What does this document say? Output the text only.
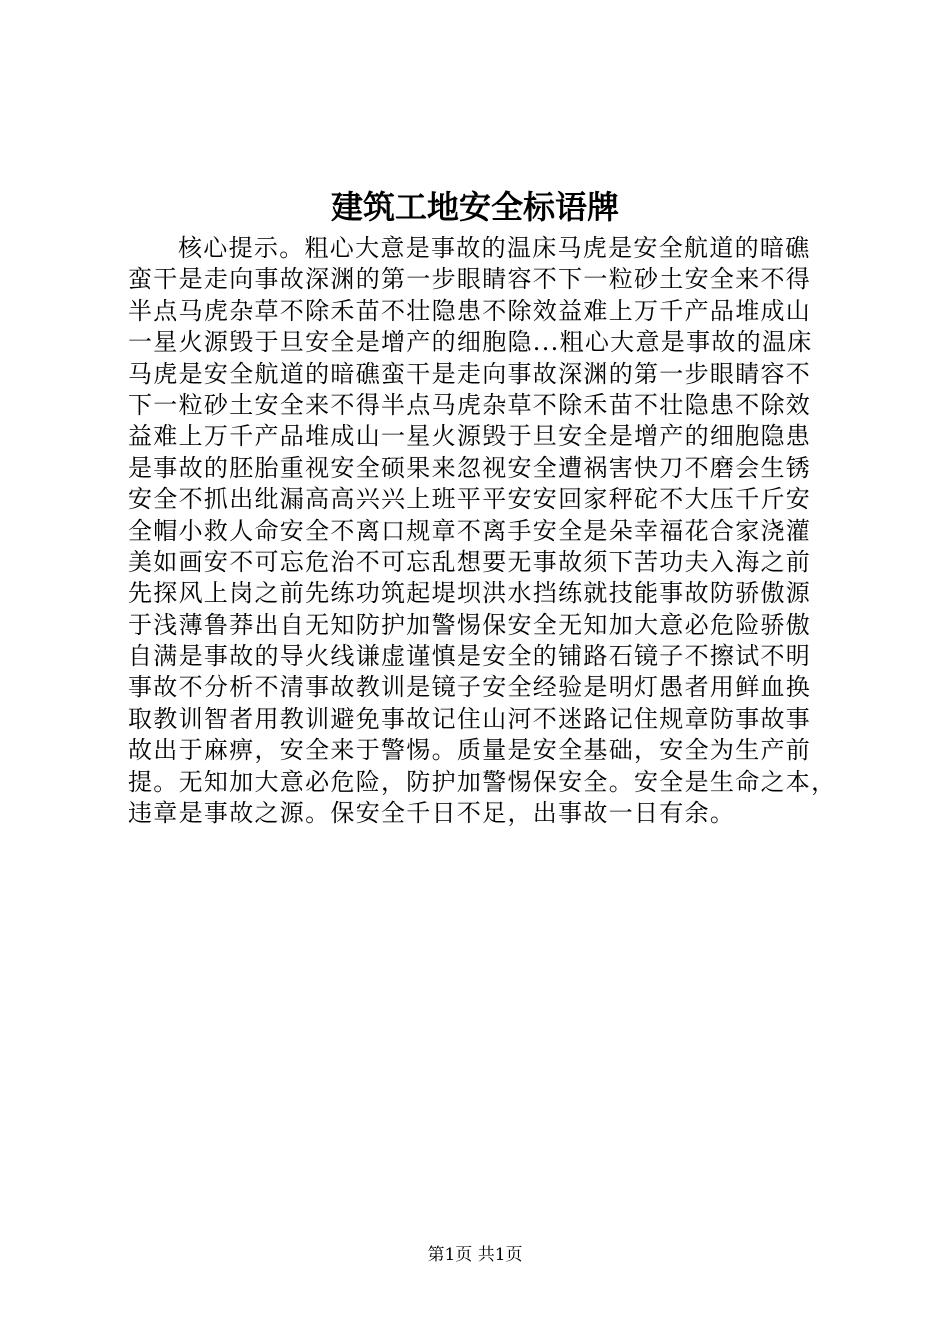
建筑工地安全标语牌
核心提示。粗心大意是事故的温床马虎是安全航道的暗礁
蛮干是走向事故深渊的第一步眼睛容不下一粒砂土安全来不得
半点马虎杂草不除禾苗不壮隐患不除效益难上万千产品堆成山
一星火源毁于旦安全是增产的细胞隐...粗心大意是事故的温床
马虎是安全航道的暗礁蛮干是走向事故深渊的第一步眼睛容不
下一粒砂土安全来不得半点马虎杂草不除禾苗不壮隐患不除效
益难上万千产品堆成山一星火源毁于旦安全是增产的细胞隐患
是事故的胚胎重视安全硕果来忽视安全遭祸害快刀不磨会生锈
安全不抓出纰漏高高兴兴上班平平安安回家秤砣不大压千斤安
全帽小救人命安全不离口规章不离手安全是朵幸福花合家浇灌
美如画安不可忘危治不可忘乱想要无事故须下苦功夫入海之前
先探风上岗之前先练功筑起堤坝洪水挡练就技能事故防骄傲源
于浅薄鲁莽出自无知防护加警惕保安全无知加大意必危险骄傲
自满是事故的导火线谦虚谨慎是安全的铺路石镜子不擦试不明
事故不分析不清事故教训是镜子安全经验是明灯愚者用鲜血换
取教训智者用教训避免事故记住山河不迷路记住规章防事故事
故出于麻痹，安全来于警惕。质量是安全基础，安全为生产前
提。无知加大意必危险，防护加警惕保安全。安全是生命之本，
违章是事故之源。保安全千日不足，出事故一日有余。
第1页 共1页
